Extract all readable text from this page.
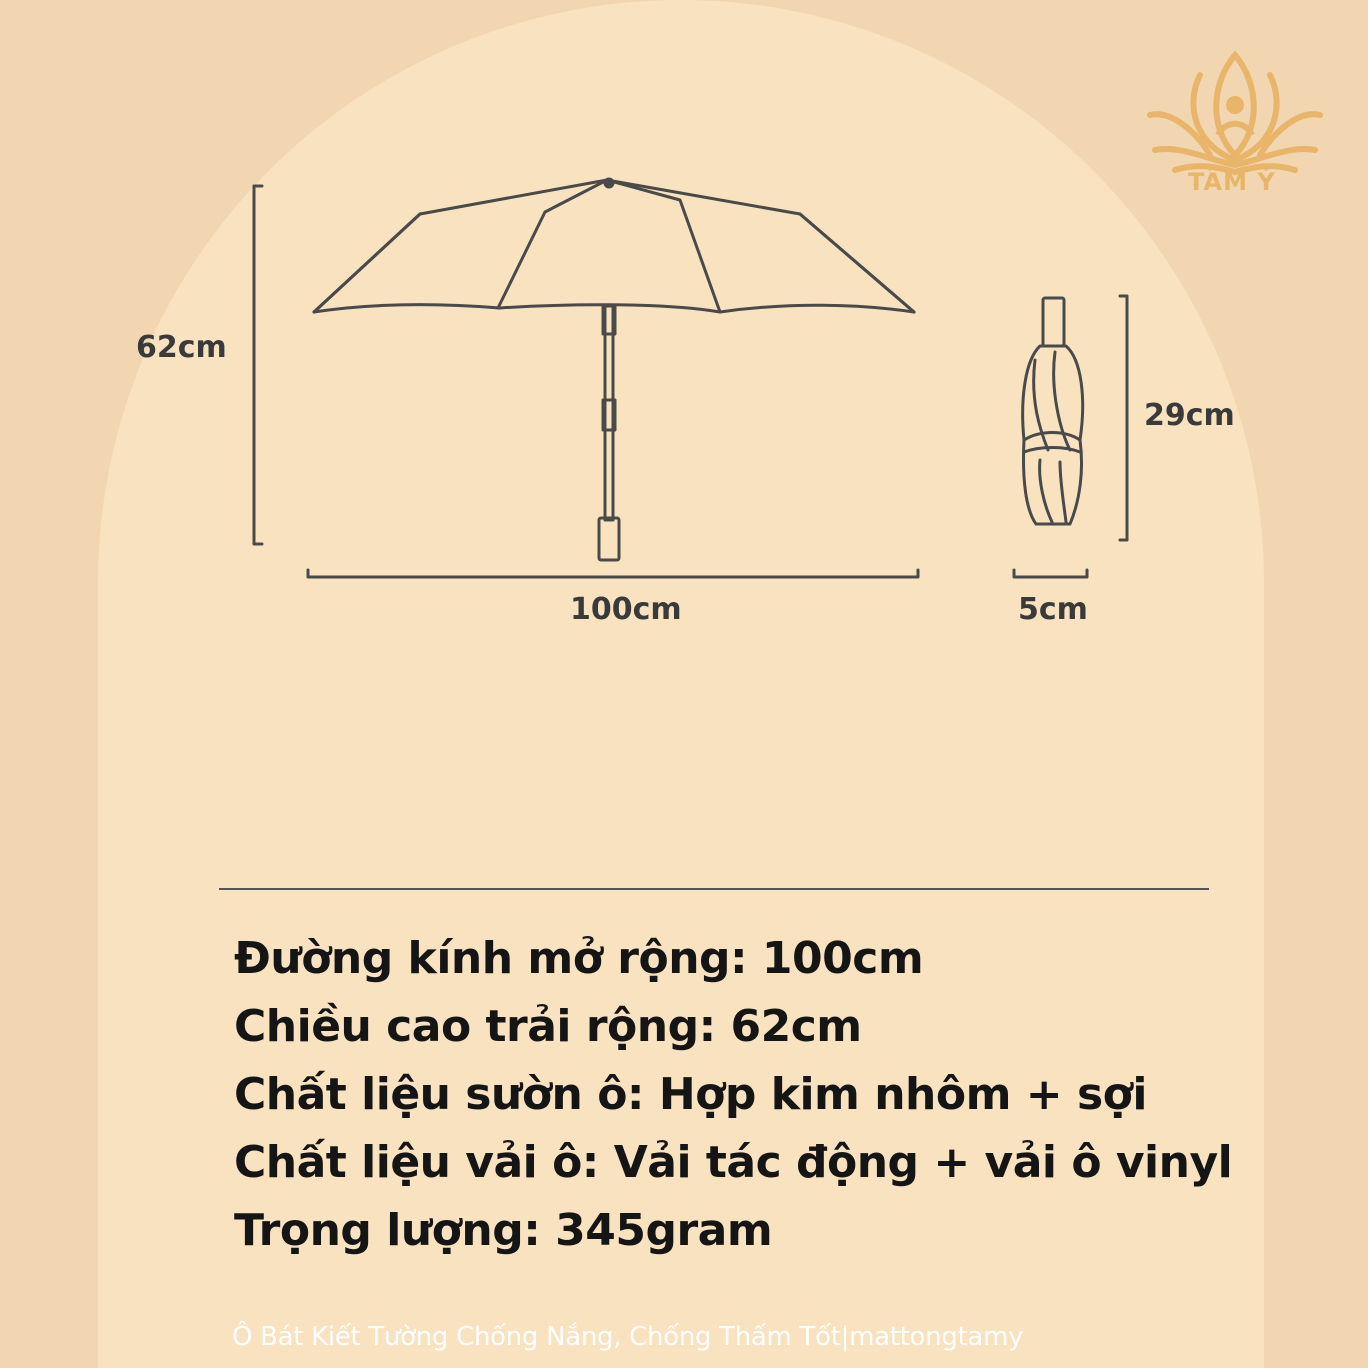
TÂM Ý
62cm
100cm
29cm
5cm
Đường kính mở rộng: 100cm
Chiều cao trải rộng: 62cm
Chất liệu sườn ô: Hợp kim nhôm + sợi
Chất liệu vải ô: Vải tác động + vải ô vinyl
Trọng lượng: 345gram
Ô Bát Kiết Tường Chống Nắng, Chống Thấm Tốt|mattongtamy
